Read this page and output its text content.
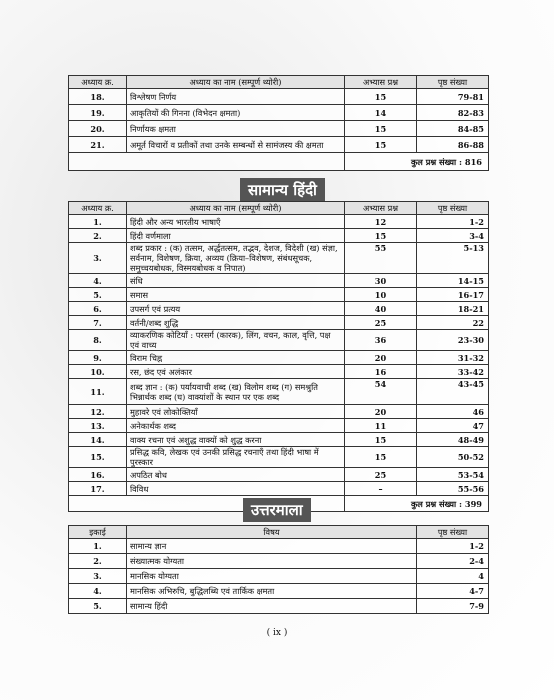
अध्याय क्र.	अध्याय का नाम (सम्पूर्ण थ्योरी)	अभ्यास प्रश्न	पृष्ठ संख्या
18.	विश्लेषण निर्णय	15	79-81
19.	आकृतियों की गिनना (विभेदन क्षमता)	14	82-83
20.	निर्णायक क्षमता	15	84-85
21.	अमूर्त विचारों व प्रतीकों तथा उनके सम्बन्धों से सामंजस्य की क्षमता	15	86-88
		कुल प्रश्न संख्या : 816	
सामान्य हिंदी
अध्याय क्र.	अध्याय का नाम (सम्पूर्ण थ्योरी)	अभ्यास प्रश्न	पृष्ठ संख्या
1.	हिंदी और अन्य भारतीय भाषाएँ	12	1-2
2.	हिंदी वर्णमाला	15	3-4
3.	शब्द प्रकार : (क) तत्सम, अर्द्धतत्सम, तद्भव, देशज, विदेशी (ख) संज्ञा, सर्वनाम, विशेषण, क्रिया, अव्यय (क्रिया–विशेषण, संबंधसूचक, समुच्चयबोधक, विस्मयबोधक व निपात)	55	5-13
4.	संधि	30	14-15
5.	समास	10	16-17
6.	उपसर्ग एवं प्रत्यय	40	18-21
7.	वर्तनी/शब्द शुद्धि	25	22
8.	व्याकरणिक कोटियाँ : परसर्ग (कारक), लिंग, वचन, काल, वृत्ति, पक्ष एवं वाच्य	36	23-30
9.	विराम चिह्न	20	31-32
10.	रस, छंद एवं अलंकार	16	33-42
11.	शब्द ज्ञान : (क) पर्यायवाची शब्द (ख) विलोम शब्द (ग) समश्रुति भिन्नार्थक शब्द (घ) वाक्यांशों के स्थान पर एक शब्द	54	43-45
12.	मुहावरे एवं लोकोक्तियाँ	20	46
13.	अनेकार्थक शब्द	11	47
14.	वाक्य रचना एवं अशुद्ध वाक्यों को शुद्ध करना	15	48-49
15.	प्रसिद्ध कवि, लेखक एवं उनकी प्रसिद्ध रचनाएँ तथा हिंदी भाषा में पुरस्कार	15	50-52
16.	अपठित बोध	25	53-54
17.	विविध	–	55-56
		कुल प्रश्न संख्या : 399	
उत्तरमाला
इकाई	विषय	पृष्ठ संख्या
1.	सामान्य ज्ञान	1-2
2.	संख्यात्मक योग्यता	2-4
3.	मानसिक योग्यता	4
4.	मानसिक अभिरुचि, बुद्धिलब्धि एवं तार्किक क्षमता	4-7
5.	सामान्य हिंदी	7-9
( ix )
